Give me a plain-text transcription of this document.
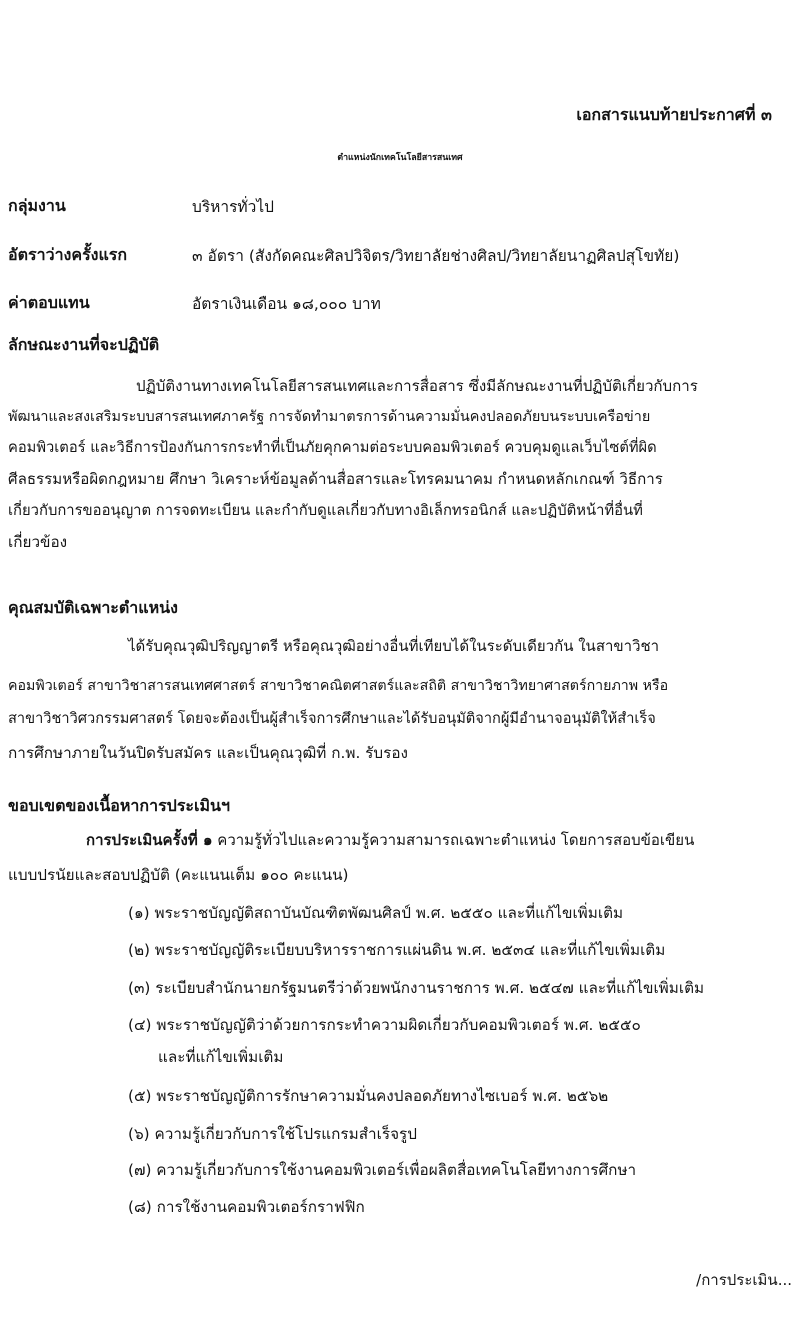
เอกสารแนบท้ายประกาศที่ ๓
ตำแหน่งนักเทคโนโลยีสารสนเทศ
กลุ่มงาน	บริหารทั่วไป
อัตราว่างครั้งแรก	๓ อัตรา (สังกัดคณะศิลปวิจิตร/วิทยาลัยช่างศิลป/วิทยาลัยนาฏศิลปสุโขทัย)
ค่าตอบแทน	อัตราเงินเดือน ๑๘,๐๐๐ บาท
ลักษณะงานที่จะปฏิบัติ
ปฏิบัติงานทางเทคโนโลยีสารสนเทศและการสื่อสาร ซึ่งมีลักษณะงานที่ปฏิบัติเกี่ยวกับการ
พัฒนาและสงเสริมระบบสารสนเทศภาครัฐ การจัดทำมาตรการด้านความมั่นคงปลอดภัยบนระบบเครือข่าย
คอมพิวเตอร์ และวิธีการป้องกันการกระทำที่เป็นภัยคุกคามต่อระบบคอมพิวเตอร์ ควบคุมดูแลเว็บไซต์ที่ผิด
ศีลธรรมหรือผิดกฎหมาย ศึกษา วิเคราะห์ข้อมูลด้านสื่อสารและโทรคมนาคม กำหนดหลักเกณฑ์ วิธีการ
เกี่ยวกับการขออนุญาต การจดทะเบียน และกำกับดูแลเกี่ยวกับทางอิเล็กทรอนิกส์ และปฏิบัติหน้าที่อื่นที่
เกี่ยวข้อง
คุณสมบัติเฉพาะตำแหน่ง
ได้รับคุณวุฒิปริญญาตรี หรือคุณวุฒิอย่างอื่นที่เทียบได้ในระดับเดียวกัน ในสาขาวิชา
คอมพิวเตอร์ สาขาวิชาสารสนเทศศาสตร์ สาขาวิชาคณิตศาสตร์และสถิติ สาขาวิชาวิทยาศาสตร์กายภาพ หรือ
สาขาวิชาวิศวกรรมศาสตร์ โดยจะต้องเป็นผู้สำเร็จการศึกษาและได้รับอนุมัติจากผู้มีอำนาจอนุมัติให้สำเร็จ
การศึกษาภายในวันปิดรับสมัคร และเป็นคุณวุฒิที่ ก.พ. รับรอง
ขอบเขตของเนื้อหาการประเมินฯ
การประเมินครั้งที่ ๑ ความรู้ทั่วไปและความรู้ความสามารถเฉพาะตำแหน่ง โดยการสอบข้อเขียน
แบบปรนัยและสอบปฏิบัติ (คะแนนเต็ม ๑๐๐ คะแนน)
(๑) พระราชบัญญัติสถาบันบัณฑิตพัฒนศิลป์ พ.ศ. ๒๕๕๐ และที่แก้ไขเพิ่มเติม
(๒) พระราชบัญญัติระเบียบบริหารราชการแผ่นดิน พ.ศ. ๒๕๓๔ และที่แก้ไขเพิ่มเติม
(๓) ระเบียบสำนักนายกรัฐมนตรีว่าด้วยพนักงานราชการ พ.ศ. ๒๕๔๗ และที่แก้ไขเพิ่มเติม
(๔) พระราชบัญญัติว่าด้วยการกระทำความผิดเกี่ยวกับคอมพิวเตอร์ พ.ศ. ๒๕๕๐
และที่แก้ไขเพิ่มเติม
(๕) พระราชบัญญัติการรักษาความมั่นคงปลอดภัยทางไซเบอร์ พ.ศ. ๒๕๖๒
(๖) ความรู้เกี่ยวกับการใช้โปรแกรมสำเร็จรูป
(๗) ความรู้เกี่ยวกับการใช้งานคอมพิวเตอร์เพื่อผลิตสื่อเทคโนโลยีทางการศึกษา
(๘) การใช้งานคอมพิวเตอร์กราฟฟิก
/การประเมิน...
